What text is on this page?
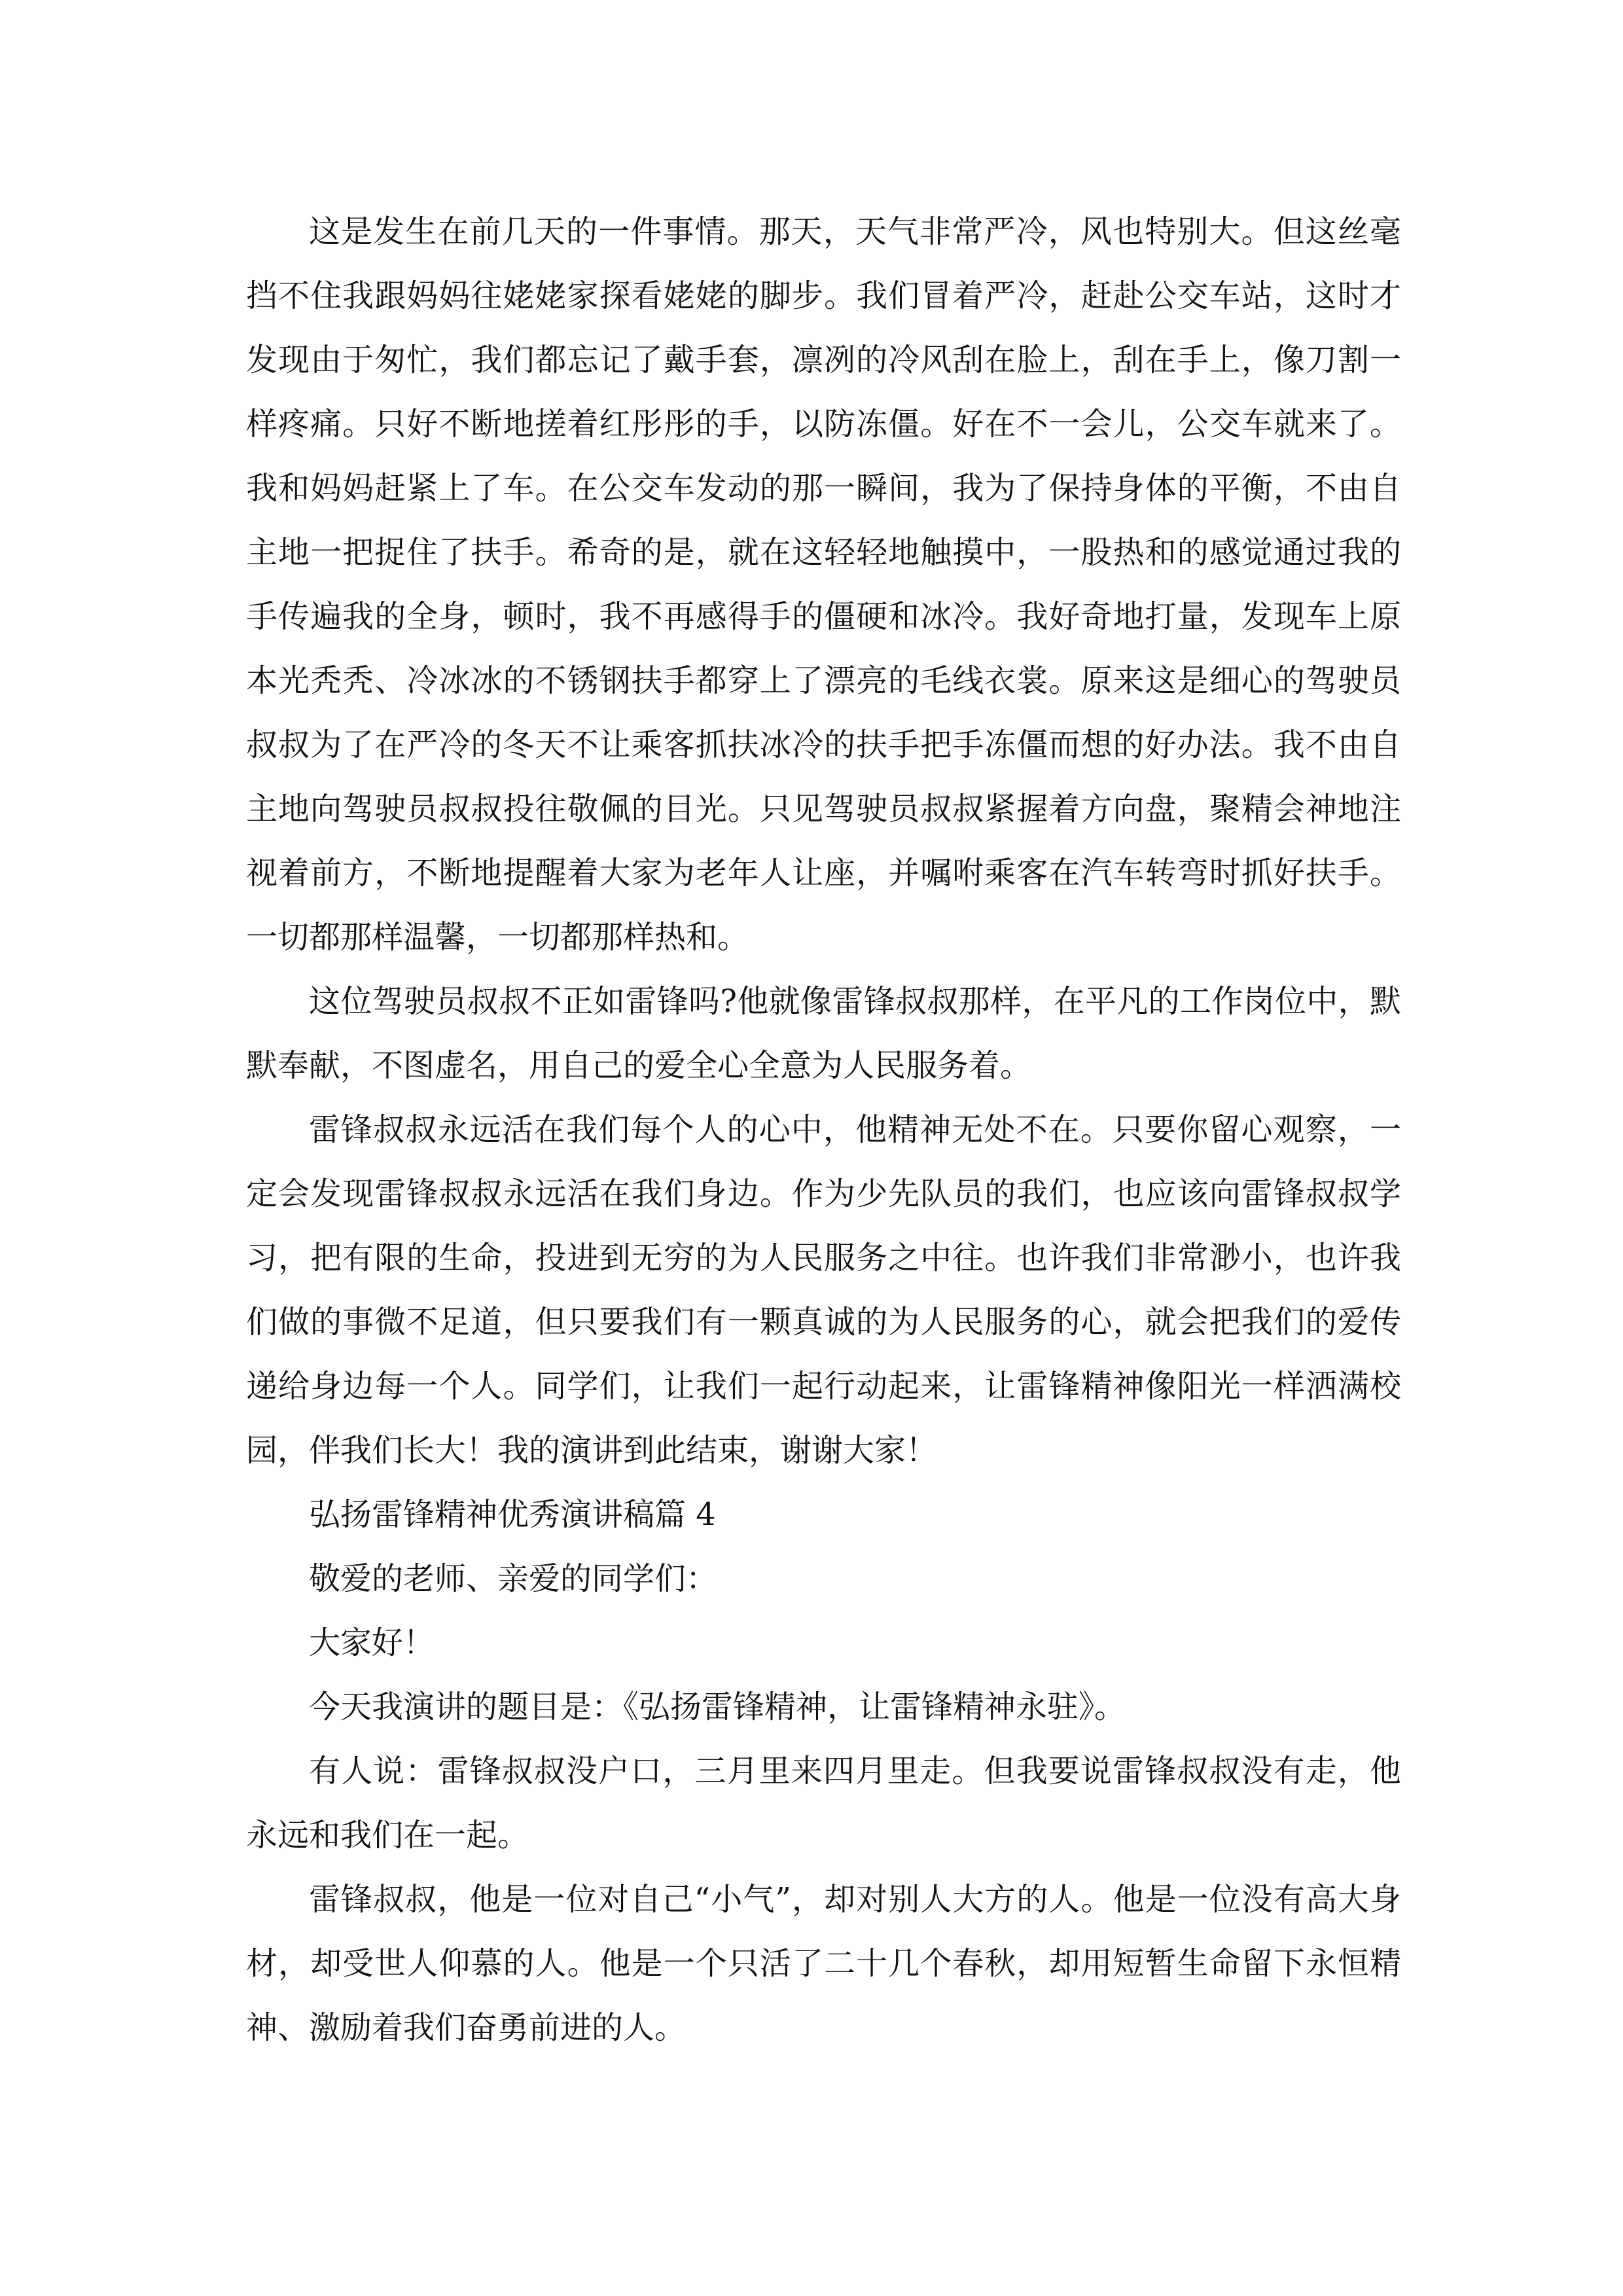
这是发生在前几天的一件事情。那天，天气非常严冷，风也特别大。但这丝毫挡不住我跟妈妈往姥姥家探看姥姥的脚步。我们冒着严冷，赶赴公交车站，这时才发现由于匆忙，我们都忘记了戴手套，凛冽的冷风刮在脸上，刮在手上，像刀割一样疼痛。只好不断地搓着红彤彤的手，以防冻僵。好在不一会儿，公交车就来了。我和妈妈赶紧上了车。在公交车发动的那一瞬间，我为了保持身体的平衡，不由自主地一把捉住了扶手。希奇的是，就在这轻轻地触摸中，一股热和的感觉通过我的手传遍我的全身，顿时，我不再感得手的僵硬和冰冷。我好奇地打量，发现车上原本光秃秃、冷冰冰的不锈钢扶手都穿上了漂亮的毛线衣裳。原来这是细心的驾驶员叔叔为了在严冷的冬天不让乘客抓扶冰冷的扶手把手冻僵而想的好办法。我不由自主地向驾驶员叔叔投往敬佩的目光。只见驾驶员叔叔紧握着方向盘，聚精会神地注视着前方，不断地提醒着大家为老年人让座，并嘱咐乘客在汽车转弯时抓好扶手。一切都那样温馨，一切都那样热和。

这位驾驶员叔叔不正如雷锋吗?他就像雷锋叔叔那样，在平凡的工作岗位中，默默奉献，不图虚名，用自己的爱全心全意为人民服务着。

雷锋叔叔永远活在我们每个人的心中，他精神无处不在。只要你留心观察，一定会发现雷锋叔叔永远活在我们身边。作为少先队员的我们，也应该向雷锋叔叔学习，把有限的生命，投进到无穷的为人民服务之中往。也许我们非常渺小，也许我们做的事微不足道，但只要我们有一颗真诚的为人民服务的心，就会把我们的爱传递给身边每一个人。同学们，让我们一起行动起来，让雷锋精神像阳光一样洒满校园，伴我们长大！我的演讲到此结束，谢谢大家！

弘扬雷锋精神优秀演讲稿篇 4

敬爱的老师、亲爱的同学们：

大家好！

今天我演讲的题目是：《弘扬雷锋精神，让雷锋精神永驻》。

有人说：雷锋叔叔没户口，三月里来四月里走。但我要说雷锋叔叔没有走，他永远和我们在一起。

雷锋叔叔，他是一位对自己“小气”，却对别人大方的人。他是一位没有高大身材，却受世人仰慕的人。他是一个只活了二十几个春秋，却用短暂生命留下永恒精神、激励着我们奋勇前进的人。
